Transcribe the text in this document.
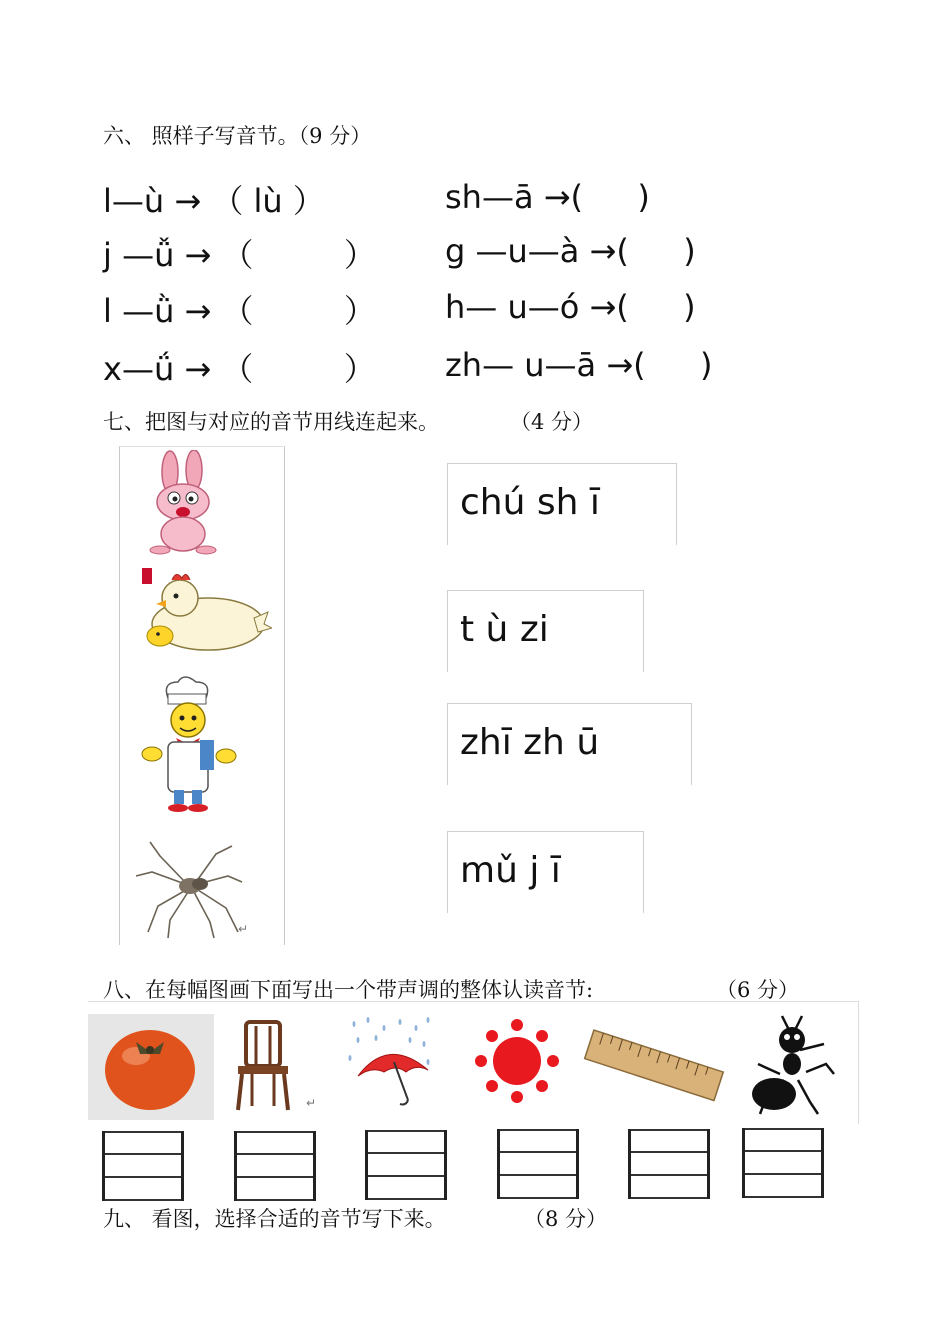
六、 照样子写音节。（9 分）
l—ù → （ lù ）
j —ǚ → （	）
l —ǜ → （	）
x—ǘ → （	）
sh—ā →( )
g —u—à →( )
h— u—ó →( )
zh— u—ā →( )
七、把图与对应的音节用线连起来。	（4 分）
↵
chú sh ī
t ù zi
zhī zh ū
mǔ j ī
八、在每幅图画下面写出一个带声调的整体认读音节:	（6 分）
↵
九、 看图，选择合适的音节写下来。	（8 分）
